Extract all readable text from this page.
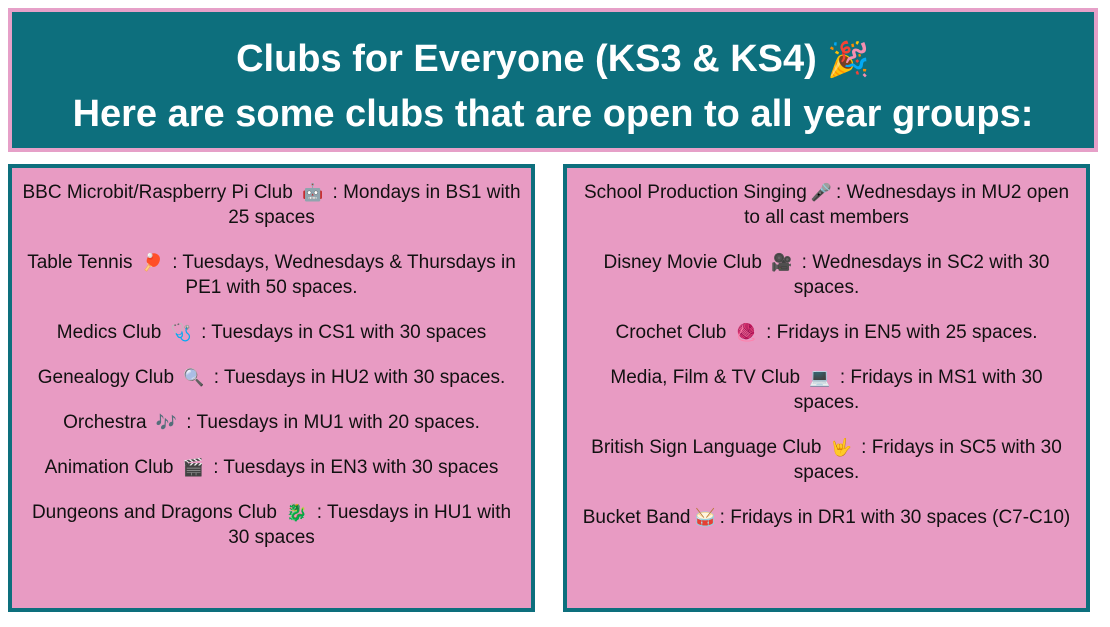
Clubs for Everyone (KS3 & KS4) 🎉
Here are some clubs that are open to all year groups:
BBC Microbit/Raspberry Pi Club 🤖 : Mondays in BS1 with 25 spaces
Table Tennis 🏓 : Tuesdays, Wednesdays & Thursdays in PE1 with 50 spaces.
Medics Club 🩺 : Tuesdays in CS1 with 30 spaces
Genealogy Club 🔍 : Tuesdays in HU2 with 30 spaces.
Orchestra 🎶 : Tuesdays in MU1 with 20 spaces.
Animation Club 🎬 : Tuesdays in EN3 with 30 spaces
Dungeons and Dragons Club 🐉 : Tuesdays in HU1 with 30 spaces
School Production Singing 🎤 : Wednesdays in MU2 open to all cast members
Disney Movie Club 🎥 : Wednesdays in SC2 with 30 spaces.
Crochet Club 🧶 : Fridays in EN5 with 25 spaces.
Media, Film & TV Club 💻 : Fridays in MS1 with 30 spaces.
British Sign Language Club 🤟 : Fridays in SC5 with 30 spaces.
Bucket Band 🥁 : Fridays in DR1 with 30 spaces (C7-C10)
